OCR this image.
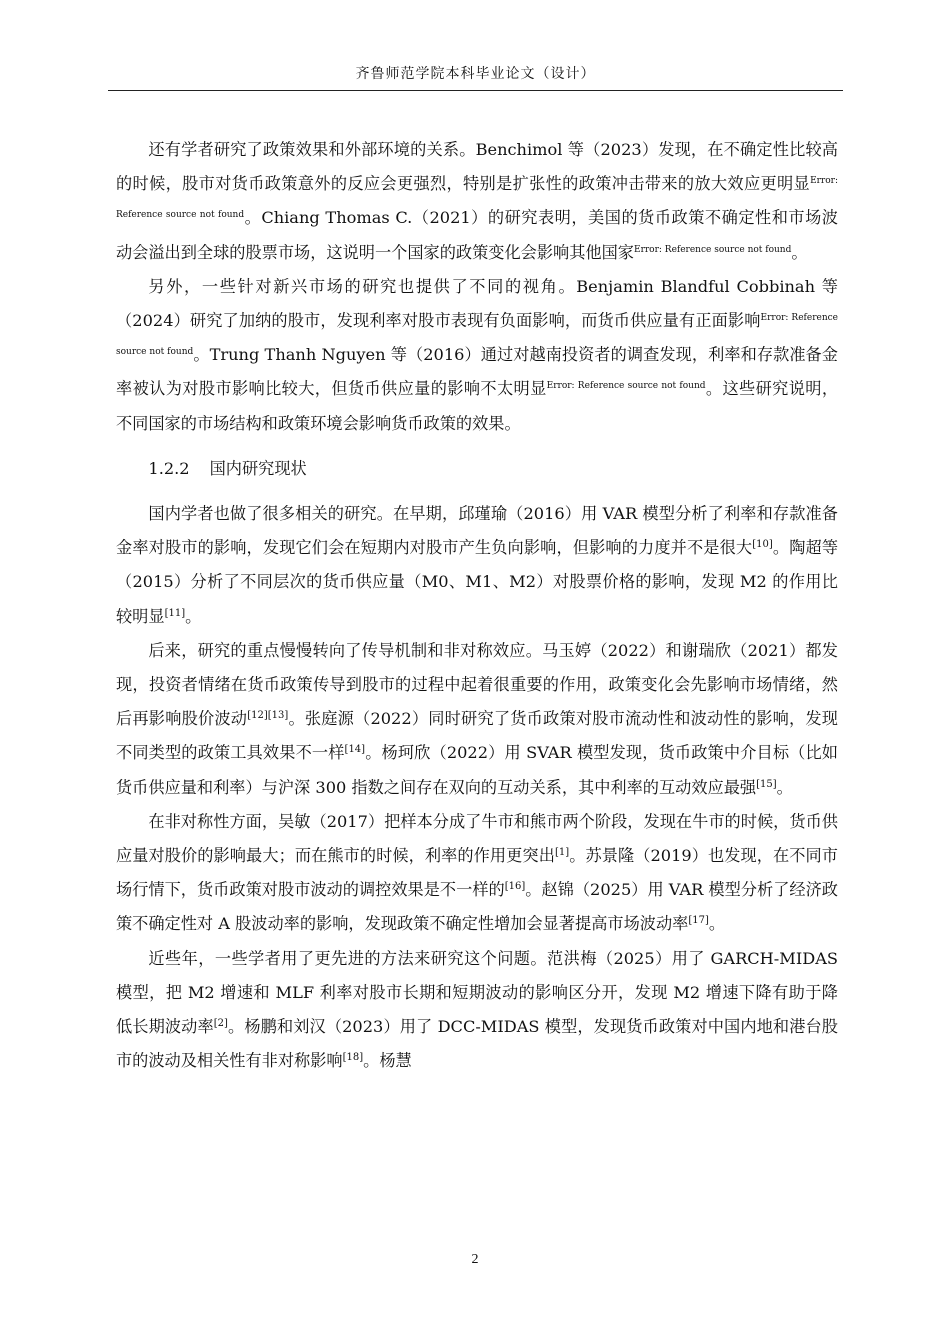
齐鲁师范学院本科毕业论文（设计）

还有学者研究了政策效果和外部环境的关系。Benchimol 等（2023）发现，在不确定性比较高的时候，股市对货币政策意外的反应会更强烈，特别是扩张性的政策冲击带来的放大效应更明显$^{Error: Reference source not found}$。Chiang Thomas C.（2021）的研究表明，美国的货币政策不确定性和市场波动会溢出到全球的股票市场，这说明一个国家的政策变化会影响其他国家$^{Error: Reference source not found}$。

另外，一些针对新兴市场的研究也提供了不同的视角。Benjamin Blandful Cobbinah 等（2024）研究了加纳的股市，发现利率对股市表现有负面影响，而货币供应量有正面影响$^{Error: Reference source not found}$。Trung Thanh Nguyen 等（2016）通过对越南投资者的调查发现，利率和存款准备金率被认为对股市影响比较大，但货币供应量的影响不太明显$^{Error: Reference source not found}$。这些研究说明，不同国家的市场结构和政策环境会影响货币政策的效果。

1.2.2 国内研究现状

国内学者也做了很多相关的研究。在早期，邱瑾瑜（2016）用 VAR 模型分析了利率和存款准备金率对股市的影响，发现它们会在短期内对股市产生负向影响，但影响的力度并不是很大[10]。陶超等（2015）分析了不同层次的货币供应量（M0、M1、M2）对股票价格的影响，发现 M2 的作用比较明显[11]。

后来，研究的重点慢慢转向了传导机制和非对称效应。马玉婷（2022）和谢瑞欣（2021）都发现，投资者情绪在货币政策传导到股市的过程中起着很重要的作用，政策变化会先影响市场情绪，然后再影响股价波动[12][13]。张庭源（2022）同时研究了货币政策对股市流动性和波动性的影响，发现不同类型的政策工具效果不一样[14]。杨珂欣（2022）用 SVAR 模型发现，货币政策中介目标（比如货币供应量和利率）与沪深 300 指数之间存在双向的互动关系，其中利率的互动效应最强[15]。

在非对称性方面，吴敏（2017）把样本分成了牛市和熊市两个阶段，发现在牛市的时候，货币供应量对股价的影响最大；而在熊市的时候，利率的作用更突出[1]。苏景隆（2019）也发现，在不同市场行情下，货币政策对股市波动的调控效果是不一样的[16]。赵锦（2025）用 VAR 模型分析了经济政策不确定性对 A 股波动率的影响，发现政策不确定性增加会显著提高市场波动率[17]。

近些年，一些学者用了更先进的方法来研究这个问题。范洪梅（2025）用了 GARCH-MIDAS 模型，把 M2 增速和 MLF 利率对股市长期和短期波动的影响区分开，发现 M2 增速下降有助于降低长期波动率[2]。杨鹏和刘汉（2023）用了 DCC-MIDAS 模型，发现货币政策对中国内地和港台股市的波动及相关性有非对称影响[18]。杨慧

2
